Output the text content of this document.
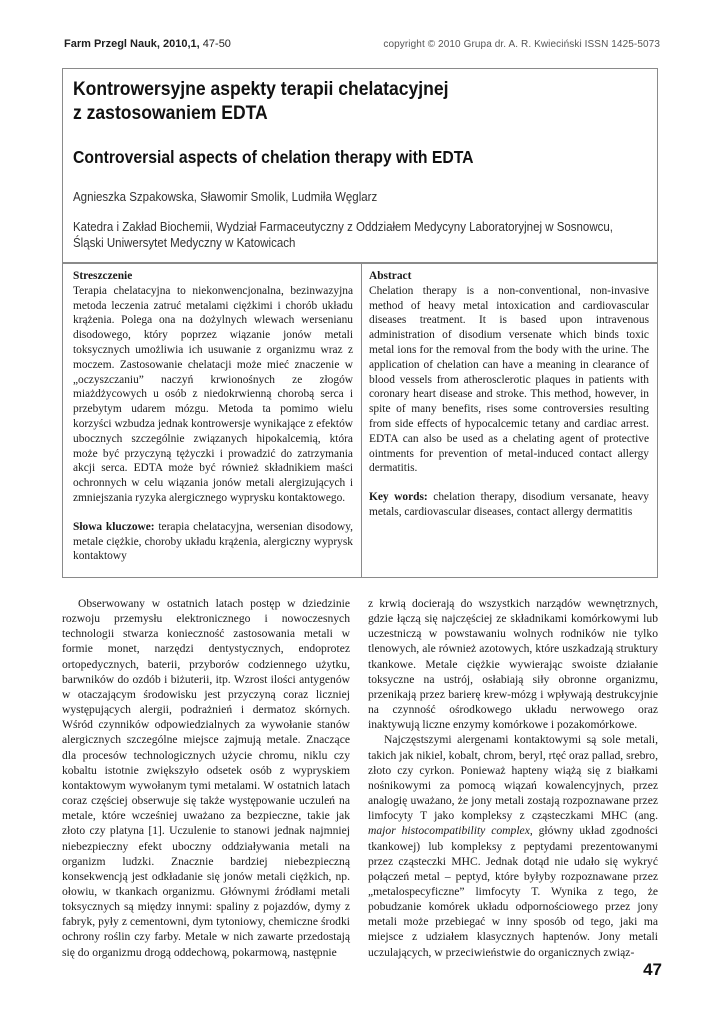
Farm Przegl Nauk, 2010,1, 47-50	copyright © 2010 Grupa dr. A. R. Kwieciński ISSN 1425-5073
Kontrowersyjne aspekty terapii chelatacyjnej
z zastosowaniem EDTA
Controversial aspects of chelation therapy with EDTA
Agnieszka Szpakowska, Sławomir Smolik, Ludmiła Węglarz
Katedra i Zakład Biochemii, Wydział Farmaceutyczny z Oddziałem Medycyny Laboratoryjnej w Sosnowcu,
Śląski Uniwersytet Medyczny w Katowicach
Streszczenie

Terapia chelatacyjna to niekonwencjonalna, bezinwazyjna metoda leczenia zatruć metalami ciężkimi i chorób układu krążenia. Polega ona na dożylnych wlewach wersenianu disodowego, który poprzez wiązanie jonów metali toksycznych umożliwia ich usuwanie z organizmu wraz z moczem. Zastosowanie chelatacji może mieć znaczenie w „oczyszczaniu” naczyń krwionośnych ze złogów miażdżycowych u osób z niedokrwienną chorobą serca i przebytym udarem mózgu. Metoda ta pomimo wielu korzyści wzbudza jednak kontrowersje wynikające z efektów ubocznych szczególnie związanych hipokalcemią, która może być przyczyną tężyczki i prowadzić do zatrzymania akcji serca. EDTA może być również składnikiem maści ochronnych w celu wiązania jonów metali alergizujących i zmniejszania ryzyka alergicznego wyprysku kontaktowego.

Słowa kluczowe: terapia chelatacyjna, wersenian disodowy, metale ciężkie, choroby układu krążenia, alergiczny wyprysk kontaktowy

Abstract

Chelation therapy is a non-conventional, non-invasive method of heavy metal intoxication and cardiovascular diseases treatment. It is based upon intravenous administration of disodium versenate which binds toxic metal ions for the removal from the body with the urine. The application of chelation can have a meaning in clearance of blood vessels from atherosclerotic plaques in patients with coronary heart disease and stroke. This method, however, in spite of many benefits, rises some controversies resulting from side effects of hypocalcemic tetany and cardiac arrest. EDTA can also be used as a chelating agent of protective ointments for prevention of metal-induced contact allergy dermatitis.

Key words: chelation therapy, disodium versanate, heavy metals, cardiovascular diseases, contact allergy dermatitis

Obserwowany w ostatnich latach postęp w dziedzinie rozwoju przemysłu elektronicznego i nowoczesnych technologii stwarza konieczność zastosowania metali w formie monet, narzędzi dentystycznych, endoprotez ortopedycznych, baterii, przyborów codziennego użytku, barwników do ozdób i biżuterii, itp. Wzrost ilości antygenów w otaczającym środowisku jest przyczyną coraz liczniej występujących alergii, podrażnień i dermatoz skórnych. Wśród czynników odpowiedzialnych za wywołanie stanów alergicznych szczególne miejsce zajmują metale. Znaczące dla procesów technologicznych użycie chromu, niklu czy kobaltu istotnie zwiększyło odsetek osób z wypryskiem kontaktowym wywołanym tymi metalami. W ostatnich latach coraz częściej obserwuje się także występowanie uczuleń na metale, które wcześniej uważano za bezpieczne, takie jak złoto czy platyna [1]. Uczulenie to stanowi jednak najmniej niebezpieczny efekt uboczny oddziaływania metali na organizm ludzki. Znacznie bardziej niebezpieczną konsekwencją jest odkładanie się jonów metali ciężkich, np. ołowiu, w tkankach organizmu. Głównymi źródłami metali toksycznych są między innymi: spaliny z pojazdów, dymy z fabryk, pyły z cementowni, dym tytoniowy, chemiczne środki ochrony roślin czy farby. Metale w nich zawarte przedostają się do organizmu drogą oddechową, pokarmową, następnie

z krwią docierają do wszystkich narządów wewnętrznych, gdzie łączą się najczęściej ze składnikami komórkowymi lub uczestniczą w powstawaniu wolnych rodników nie tylko tlenowych, ale również azotowych, które uszkadzają struktury tkankowe. Metale ciężkie wywierając swoiste działanie toksyczne na ustrój, osłabiają siły obronne organizmu, przenikają przez barierę krew-mózg i wpływają destrukcyjnie na czynność ośrodkowego układu nerwowego oraz inaktywują liczne enzymy komórkowe i pozakomórkowe.

Najczęstszymi alergenami kontaktowymi są sole metali, takich jak nikiel, kobalt, chrom, beryl, rtęć oraz pallad, srebro, złoto czy cyrkon. Ponieważ hapteny wiążą się z białkami nośnikowymi za pomocą wiązań kowalencyjnych, przez analogię uważano, że jony metali zostają rozpoznawane przez limfocyty T jako kompleksy z cząsteczkami MHC (ang. major histocompatibility complex, główny układ zgodności tkankowej) lub kompleksy z peptydami prezentowanymi przez cząsteczki MHC. Jednak dotąd nie udało się wykryć połączeń metal – peptyd, które byłyby rozpoznawane przez „metalospecyficzne” limfocyty T. Wynika z tego, że pobudzanie komórek układu odpornościowego przez jony metali może przebiegać w inny sposób od tego, jaki ma miejsce z udziałem klasycznych haptenów. Jony metali uczulających, w przeciwieństwie do organicznych związ-

47
